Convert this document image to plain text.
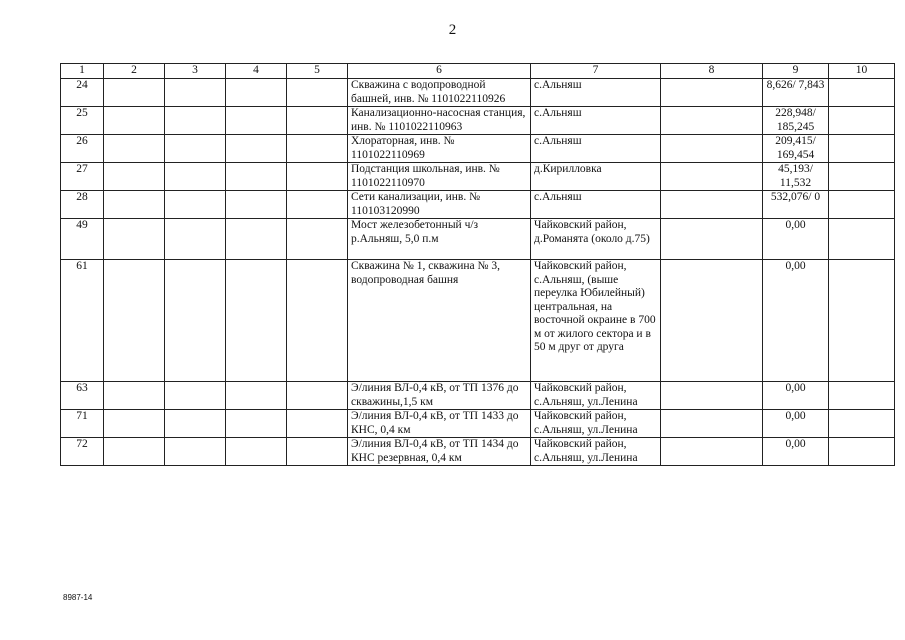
2
1	2	3	4	5	6	7	8	9	10
24					Скважина с водопроводной башней, инв. № 1101022110926	с.Альняш		8,626/ 7,843	
25					Канализационно-насосная станция, инв. № 1101022110963	с.Альняш		228,948/ 185,245	
26					Хлораторная, инв. № 1101022110969	с.Альняш		209,415/ 169,454	
27					Подстанция школьная, инв. № 1101022110970	д.Кирилловка		45,193/ 11,532	
28					Сети канализации, инв. № 110103120990	с.Альняш		532,076/ 0	
49					Мост железобетонный ч/з р.Альняш, 5,0 п.м	Чайковский район, д.Романята (около д.75)		0,00	
61					Скважина № 1, скважина № 3, водопроводная башня	Чайковский район, с.Альняш, (выше переулка Юбилейный) центральная, на восточной окраине в 700 м от жилого сектора и в 50 м друг от друга		0,00	
63					Э/линия ВЛ-0,4 кВ, от ТП 1376 до скважины,1,5 км	Чайковский район, с.Альняш, ул.Ленина		0,00	
71					Э/линия ВЛ-0,4 кВ, от ТП 1433 до КНС, 0,4 км	Чайковский район, с.Альняш, ул.Ленина		0,00	
72					Э/линия ВЛ-0,4 кВ, от ТП 1434 до КНС резервная, 0,4 км	Чайковский район, с.Альняш, ул.Ленина		0,00	
8987-14
